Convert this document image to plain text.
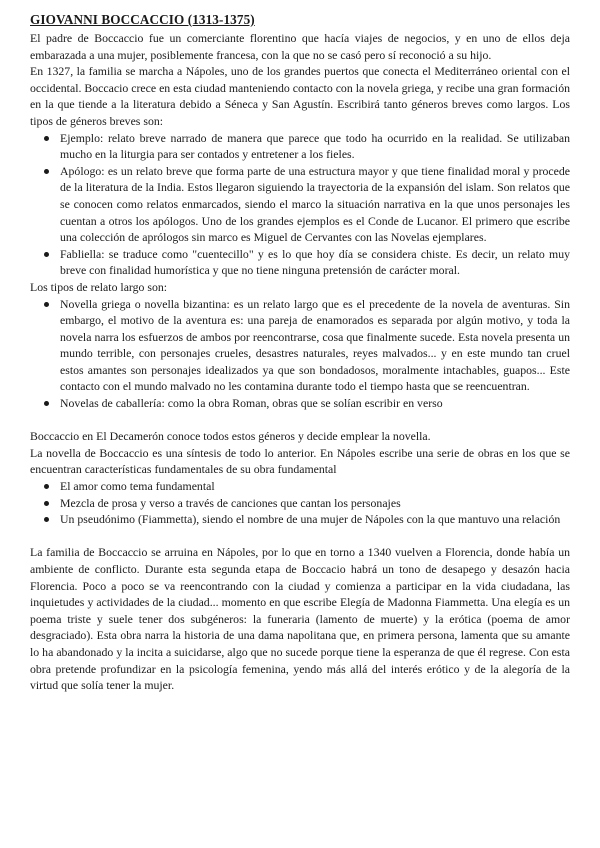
GIOVANNI BOCCACCIO (1313-1375)

El padre de Boccaccio fue un comerciante florentino que hacía viajes de negocios, y en uno de ellos deja embarazada a una mujer, posiblemente francesa, con la que no se casó pero sí reconoció a su hijo.

En 1327, la familia se marcha a Nápoles, uno de los grandes puertos que conecta el Mediterráneo oriental con el occidental. Boccacio crece en esta ciudad manteniendo contacto con la novela griega, y recibe una gran formación en la que tiende a la literatura debido a Séneca y San Agustín. Escribirá tanto géneros breves como largos. Los tipos de géneros breves son:

Ejemplo: relato breve narrado de manera que parece que todo ha ocurrido en la realidad. Se utilizaban mucho en la liturgia para ser contados y entretener a los fieles.
Apólogo: es un relato breve que forma parte de una estructura mayor y que tiene finalidad moral y procede de la literatura de la India. Estos llegaron siguiendo la trayectoria de la expansión del islam. Son relatos que se conocen como relatos enmarcados, siendo el marco la situación narrativa en la que unos personajes les cuentan a otros los apólogos. Uno de los grandes ejemplos es el Conde de Lucanor. El primero que escribe una colección de aprólogos sin marco es Miguel de Cervantes con las Novelas ejemplares.
Fabliella: se traduce como "cuentecillo" y es lo que hoy día se considera chiste. Es decir, un relato muy breve con finalidad humorística y que no tiene ninguna pretensión de carácter moral.

Los tipos de relato largo son:

Novella griega o novella bizantina: es un relato largo que es el precedente de la novela de aventuras. Sin embargo, el motivo de la aventura es: una pareja de enamorados es separada por algún motivo, y toda la novela narra los esfuerzos de ambos por reencontrarse, cosa que finalmente sucede. Esta novela presenta un mundo terrible, con personajes crueles, desastres naturales, reyes malvados... y en este mundo tan cruel estos amantes son personajes idealizados ya que son bondadosos, moralmente intachables, guapos... Este contacto con el mundo malvado no les contamina durante todo el tiempo hasta que se reencuentran.
Novelas de caballería: como la obra Roman, obras que se solían escribir en verso

Boccaccio en El Decamerón conoce todos estos géneros y decide emplear la novella.

La novella de Boccaccio es una síntesis de todo lo anterior. En Nápoles escribe una serie de obras en los que se encuentran características fundamentales de su obra fundamental

El amor como tema fundamental
Mezcla de prosa y verso a través de canciones que cantan los personajes
Un pseudónimo (Fiammetta), siendo el nombre de una mujer de Nápoles con la que mantuvo una relación

La familia de Boccaccio se arruina en Nápoles, por lo que en torno a 1340 vuelven a Florencia, donde había un ambiente de conflicto. Durante esta segunda etapa de Boccacio habrá un tono de desapego y desazón hacia Florencia. Poco a poco se va reencontrando con la ciudad y comienza a participar en la vida ciudadana, las inquietudes y actividades de la ciudad... momento en que escribe Elegía de Madonna Fiammetta. Una elegía es un poema triste y suele tener dos subgéneros: la funeraria (lamento de muerte) y la erótica (poema de amor desgraciado). Esta obra narra la historia de una dama napolitana que, en primera persona, lamenta que su amante lo ha abandonado y la incita a suicidarse, algo que no sucede porque tiene la esperanza de que él regrese. Con esta obra pretende profundizar en la psicología femenina, yendo más allá del interés erótico y de la alegoría de la virtud que solía tener la mujer.
